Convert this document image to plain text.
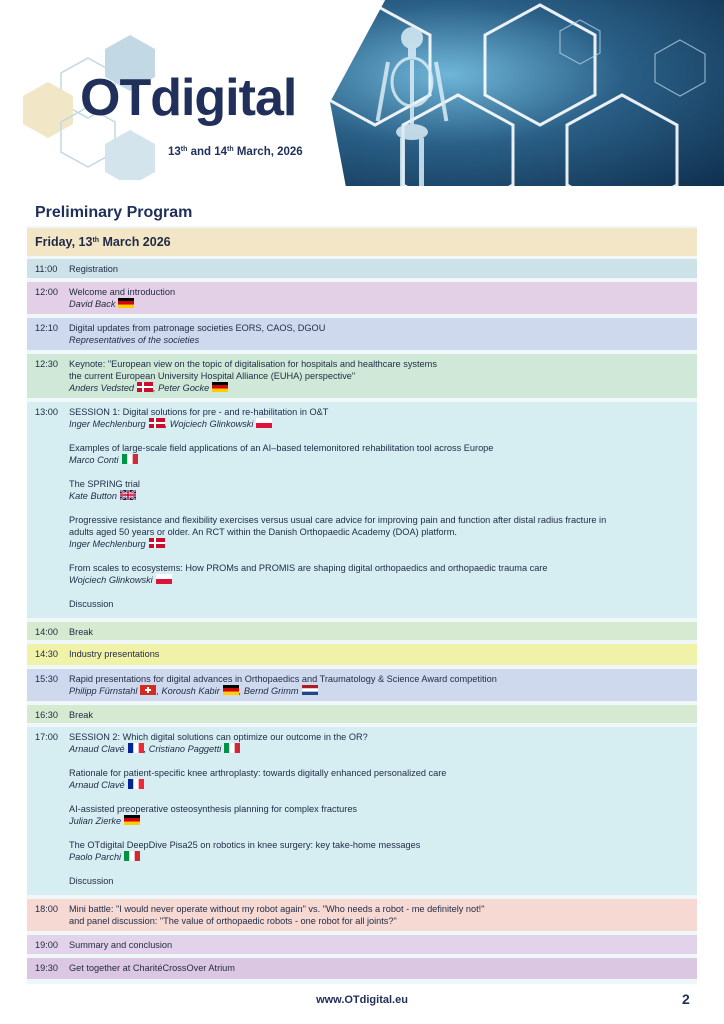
OTdigital
13th and 14th March, 2026
Preliminary Program
Friday, 13th March 2026
11:00	Registration
12:00	Welcome and introduction
David Back
12:10	Digital updates from patronage societies EORS, CAOS, DGOU
Representatives of the societies
12:30	Keynote: "European view on the topic of digitalisation for hospitals and healthcare systems
the current European University Hospital Alliance (EUHA) perspective"
Anders Vedsted , Peter Gocke
13:00	SESSION 1: Digital solutions for pre - and re-habilitation in O&T
Inger Mechlenburg , Wojciech Glinkowski
Examples of large-scale field applications of an AI–based telemonitored rehabilitation tool across Europe
Marco Conti
The SPRING trial
Kate Button
Progressive resistance and flexibility exercises versus usual care advice for improving pain and function after distal radius fracture in
adults aged 50 years or older. An RCT within the Danish Orthopaedic Academy (DOA) platform.
Inger Mechlenburg
From scales to ecosystems: How PROMs and PROMIS are shaping digital orthopaedics and orthopaedic trauma care
Wojciech Glinkowski
Discussion
14:00	Break
14:30	Industry presentations
15:30	Rapid presentations for digital advances in Orthopaedics and Traumatology & Science Award competition
Philipp Fürnstahl , Koroush Kabir , Bernd Grimm
16:30	Break
17:00	SESSION 2: Which digital solutions can optimize our outcome in the OR?
Arnaud Clavé , Cristiano Paggetti
Rationale for patient-specific knee arthroplasty: towards digitally enhanced personalized care
Arnaud Clavé
AI-assisted preoperative osteosynthesis planning for complex fractures
Julian Zierke
The OTdigital DeepDive Pisa25 on robotics in knee surgery: key take-home messages
Paolo Parchi
Discussion
18:00	Mini battle: "I would never operate without my robot again" vs. "Who needs a robot - me definitely not!"
and panel discussion: "The value of orthopaedic robots - one robot for all joints?"
19:00	Summary and conclusion
19:30	Get together at CharitéCrossOver Atrium
www.OTdigital.eu	2
